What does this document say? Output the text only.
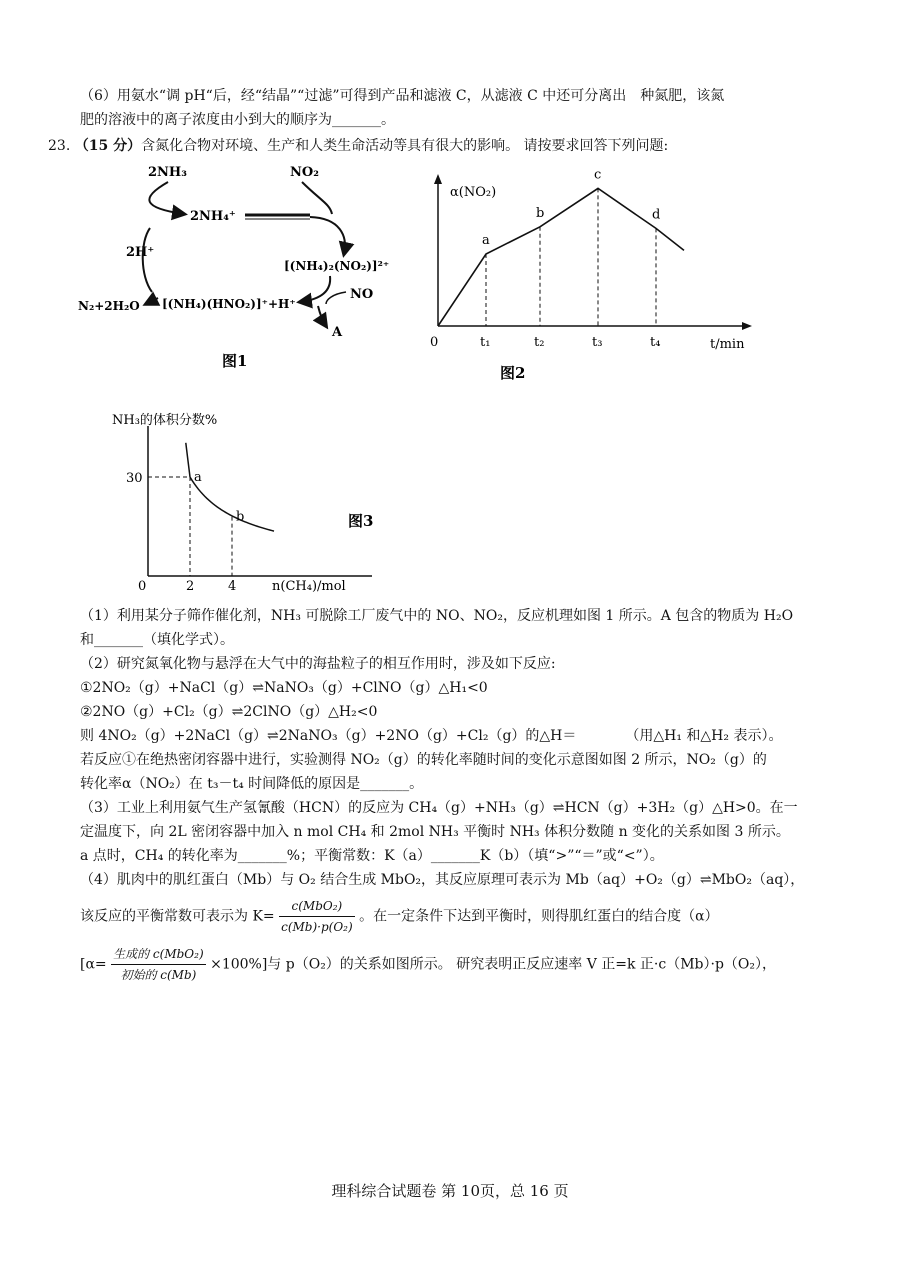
（6）用氨水“调 pH“后，经“结晶”“过滤”可得到产品和滤液 C，从滤液 C 中还可分离出　种氮肥，该氮
肥的溶液中的离子浓度由小到大的顺序为_______。
23. （15 分）含氮化合物对环境、生产和人类生命活动等具有很大的影响。 请按要求回答下列问题:
2NH₃
2NH₄⁺
NO₂
[(NH₄)₂(NO₂)]²⁺
2H⁺
NO
[(NH₄)(HNO₂)]⁺+H⁺
N₂+2H₂O
A
图1
α(NO₂)
t/min
0
a
t₁
b
t₂
c
t₃
d
t₄
图2
NH₃的体积分数%
n(CH₄)/mol
0
a
b
30
2	4
图3
（1）利用某分子筛作催化剂，NH₃ 可脱除工厂废气中的 NO、NO₂，反应机理如图 1 所示。A 包含的物质为 H₂O
和_______（填化学式）。
（2）研究氮氧化物与悬浮在大气中的海盐粒子的相互作用时，涉及如下反应:
①2NO₂（g）+NaCl（g）⇌NaNO₃（g）+ClNO（g）△H₁<0
②2NO（g）+Cl₂（g）⇌2ClNO（g）△H₂<0
则 4NO₂（g）+2NaCl（g）⇌2NaNO₃（g）+2NO（g）+Cl₂（g）的△H＝　　　　（用△H₁ 和△H₂ 表示）。
若反应①在绝热密闭容器中进行，实验测得 NO₂（g）的转化率随时间的变化示意图如图 2 所示，NO₂（g）的
转化率α（NO₂）在 t₃－t₄ 时间降低的原因是_______。
（3）工业上利用氨气生产氢氰酸（HCN）的反应为 CH₄（g）+NH₃（g）⇌HCN（g）+3H₂（g）△H>0。在一
定温度下，向 2L 密闭容器中加入 n mol CH₄ 和 2mol NH₃ 平衡时 NH₃ 体积分数随 n 变化的关系如图 3 所示。
a 点时，CH₄ 的转化率为_______%；平衡常数：K（a）_______K（b）（填“>”“＝”或“<”）。
（4）肌肉中的肌红蛋白（Mb）与 O₂ 结合生成 MbO₂，其反应原理可表示为 Mb（aq）+O₂（g）⇌MbO₂（aq），
该反应的平衡常数可表示为 $K= \frac{\text{c(MbO₂)}}{\text{c(Mb)·p(O₂)}}$ 。在一定条件下达到平衡时，则得肌红蛋白的结合度（α）
$[\alpha= \frac{\text{生成的 c(MbO₂)}}{\text{初始的 c(Mb)}} \times 100\%]$与 p（O₂）的关系如图所示。 研究表明正反应速率 V 正=k 正·c（Mb）·p（O₂），
理科综合试题卷 第 10页，总 16 页
